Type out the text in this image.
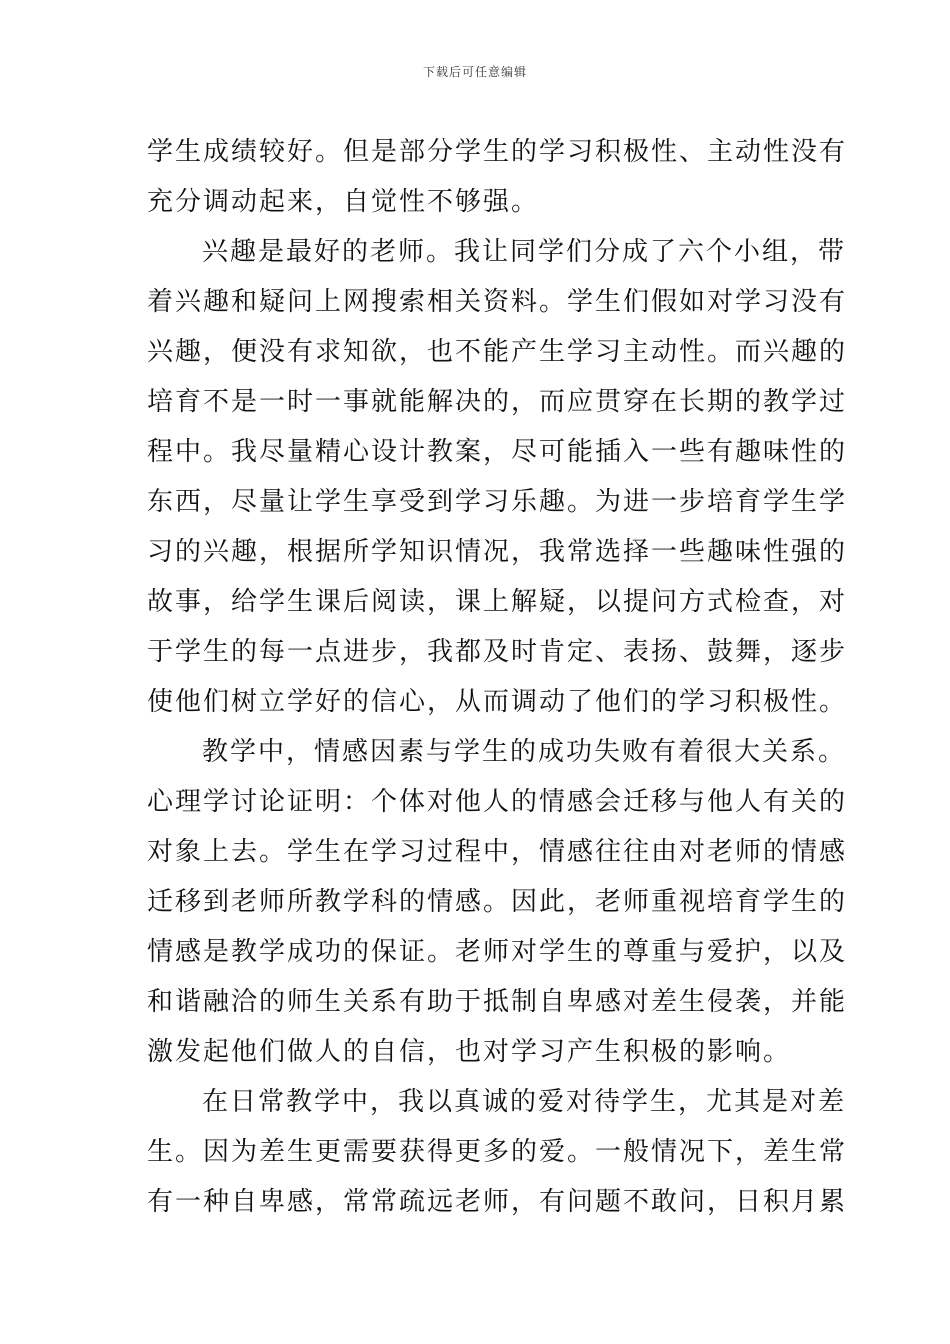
下载后可任意编辑
学生成绩较好。但是部分学生的学习积极性、主动性没有
充分调动起来，自觉性不够强。
兴趣是最好的老师。我让同学们分成了六个小组，带
着兴趣和疑问上网搜索相关资料。学生们假如对学习没有
兴趣，便没有求知欲，也不能产生学习主动性。而兴趣的
培育不是一时一事就能解决的，而应贯穿在长期的教学过
程中。我尽量精心设计教案，尽可能插入一些有趣味性的
东西，尽量让学生享受到学习乐趣。为进一步培育学生学
习的兴趣，根据所学知识情况，我常选择一些趣味性强的
故事，给学生课后阅读，课上解疑，以提问方式检查，对
于学生的每一点进步，我都及时肯定、表扬、鼓舞，逐步
使他们树立学好的信心，从而调动了他们的学习积极性。
教学中，情感因素与学生的成功失败有着很大关系。
心理学讨论证明：个体对他人的情感会迁移与他人有关的
对象上去。学生在学习过程中，情感往往由对老师的情感
迁移到老师所教学科的情感。因此，老师重视培育学生的
情感是教学成功的保证。老师对学生的尊重与爱护，以及
和谐融洽的师生关系有助于抵制自卑感对差生侵袭，并能
激发起他们做人的自信，也对学习产生积极的影响。
在日常教学中，我以真诚的爱对待学生，尤其是对差
生。因为差生更需要获得更多的爱。一般情况下，差生常
有一种自卑感，常常疏远老师，有问题不敢问，日积月累
